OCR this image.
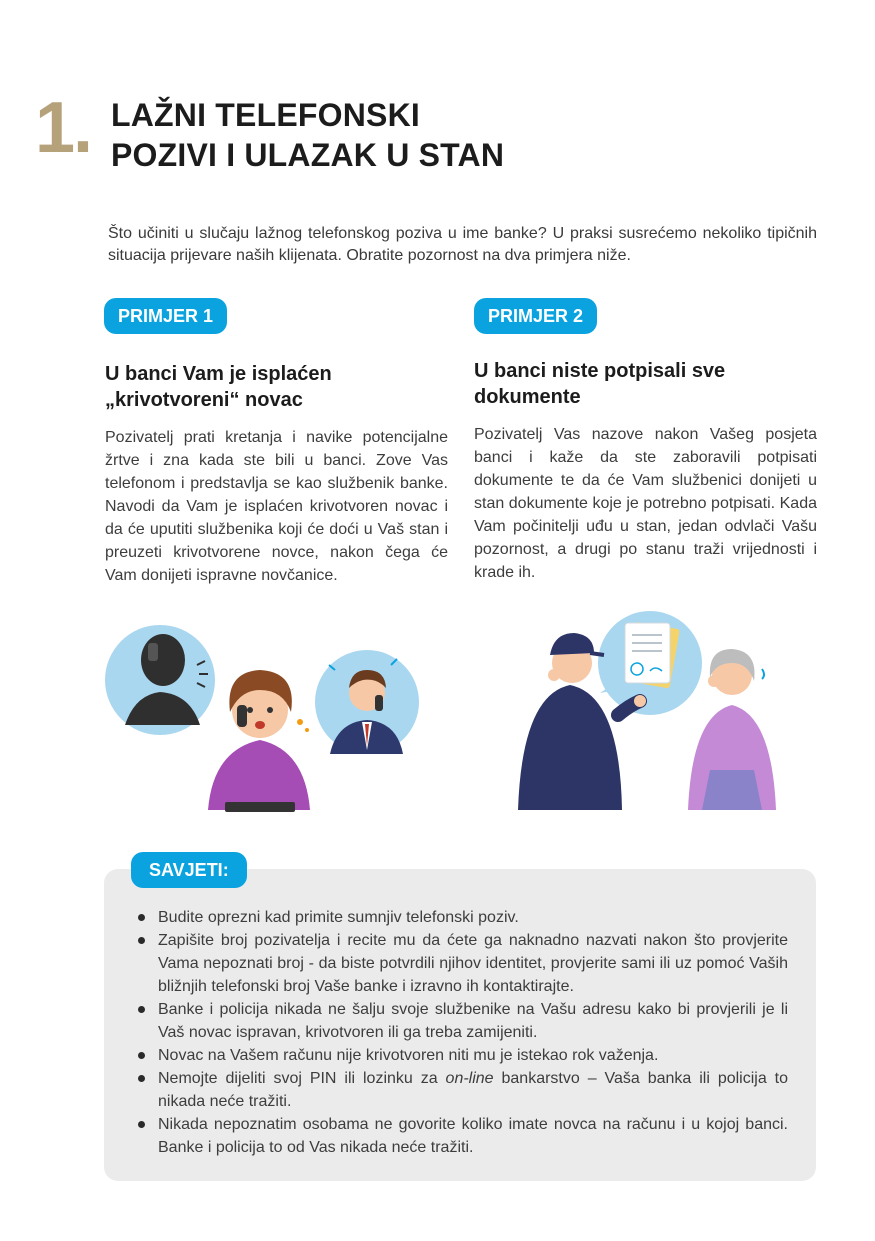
1. LAŽNI TELEFONSKI
POZIVI I ULAZAK U STAN

Što učiniti u slučaju lažnog telefonskog poziva u ime banke? U praksi susrećemo nekoliko tipičnih situacija prijevare naših klijenata. Obratite pozornost na dva primjera niže.

PRIMJER 1
U banci Vam je isplaćen
„krivotvoreni“ novac

Pozivatelj prati kretanja i navike potencijalne žrtve i zna kada ste bili u banci. Zove Vas telefonom i predstavlja se kao službenik banke. Navodi da Vam je isplaćen krivotvoren novac i da će uputiti službenika koji će doći u Vaš stan i preuzeti krivotvorene novce, nakon čega će Vam donijeti ispravne novčanice.

PRIMJER 2
U banci niste potpisali sve
dokumente

Pozivatelj Vas nazove nakon Vašeg posjeta banci i kaže da ste zaboravili potpisati dokumente te da će Vam službenici donijeti u stan dokumente koje je potrebno potpisati. Kada Vam počinitelji uđu u stan, jedan odvlači Vašu pozornost, a drugi po stanu traži vrijednosti i krade ih.

SAVJETI:
Budite oprezni kad primite sumnjiv telefonski poziv.
Zapišite broj pozivatelja i recite mu da ćete ga naknadno nazvati nakon što provjerite Vama nepoznati broj - da biste potvrdili njihov identitet, provjerite sami ili uz pomoć Vaših bližnjih telefonski broj Vaše banke i izravno ih kontaktirajte.
Banke i policija nikada ne šalju svoje službenike na Vašu adresu kako bi provjerili je li Vaš novac ispravan, krivotvoren ili ga treba zamijeniti.
Novac na Vašem računu nije krivotvoren niti mu je istekao rok važenja.
Nemojte dijeliti svoj PIN ili lozinku za on-line bankarstvo – Vaša banka ili policija to nikada neće tražiti.
Nikada nepoznatim osobama ne govorite koliko imate novca na računu i u kojoj banci. Banke i policija to od Vas nikada neće tražiti.
